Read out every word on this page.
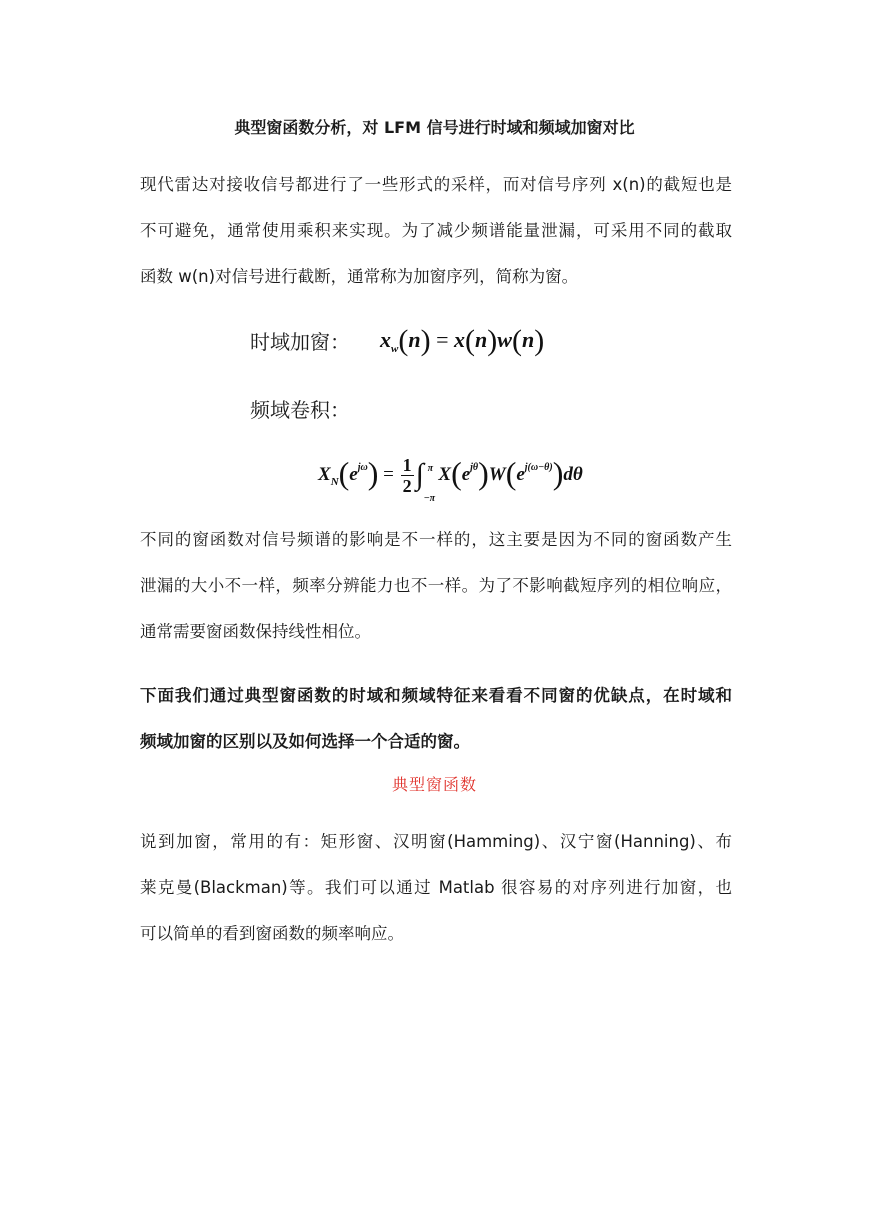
典型窗函数分析，对 LFM 信号进行时域和频域加窗对比
现代雷达对接收信号都进行了一些形式的采样，而对信号序列 x(n)的截短也是
不可避免，通常使用乘积来实现。为了减少频谱能量泄漏，可采用不同的截取
函数 w(n)对信号进行截断，通常称为加窗序列，简称为窗。
时域加窗： $x_w(n) = x(n)w(n)$
频域卷积：
$X_N(e^{j\omega}) = \frac{1}{2}$ ∫ π
−π
$X(e^{j\theta})W(e^{j(\omega-\theta)})d\theta$
不同的窗函数对信号频谱的影响是不一样的，这主要是因为不同的窗函数产生
泄漏的大小不一样，频率分辨能力也不一样。为了不影响截短序列的相位响应，
通常需要窗函数保持线性相位。
下面我们通过典型窗函数的时域和频域特征来看看不同窗的优缺点，在时域和
频域加窗的区别以及如何选择一个合适的窗。
典型窗函数
说到加窗，常用的有：矩形窗、汉明窗(Hamming)、汉宁窗(Hanning)、布
莱克曼(Blackman)等。我们可以通过 Matlab 很容易的对序列进行加窗，也
可以简单的看到窗函数的频率响应。
